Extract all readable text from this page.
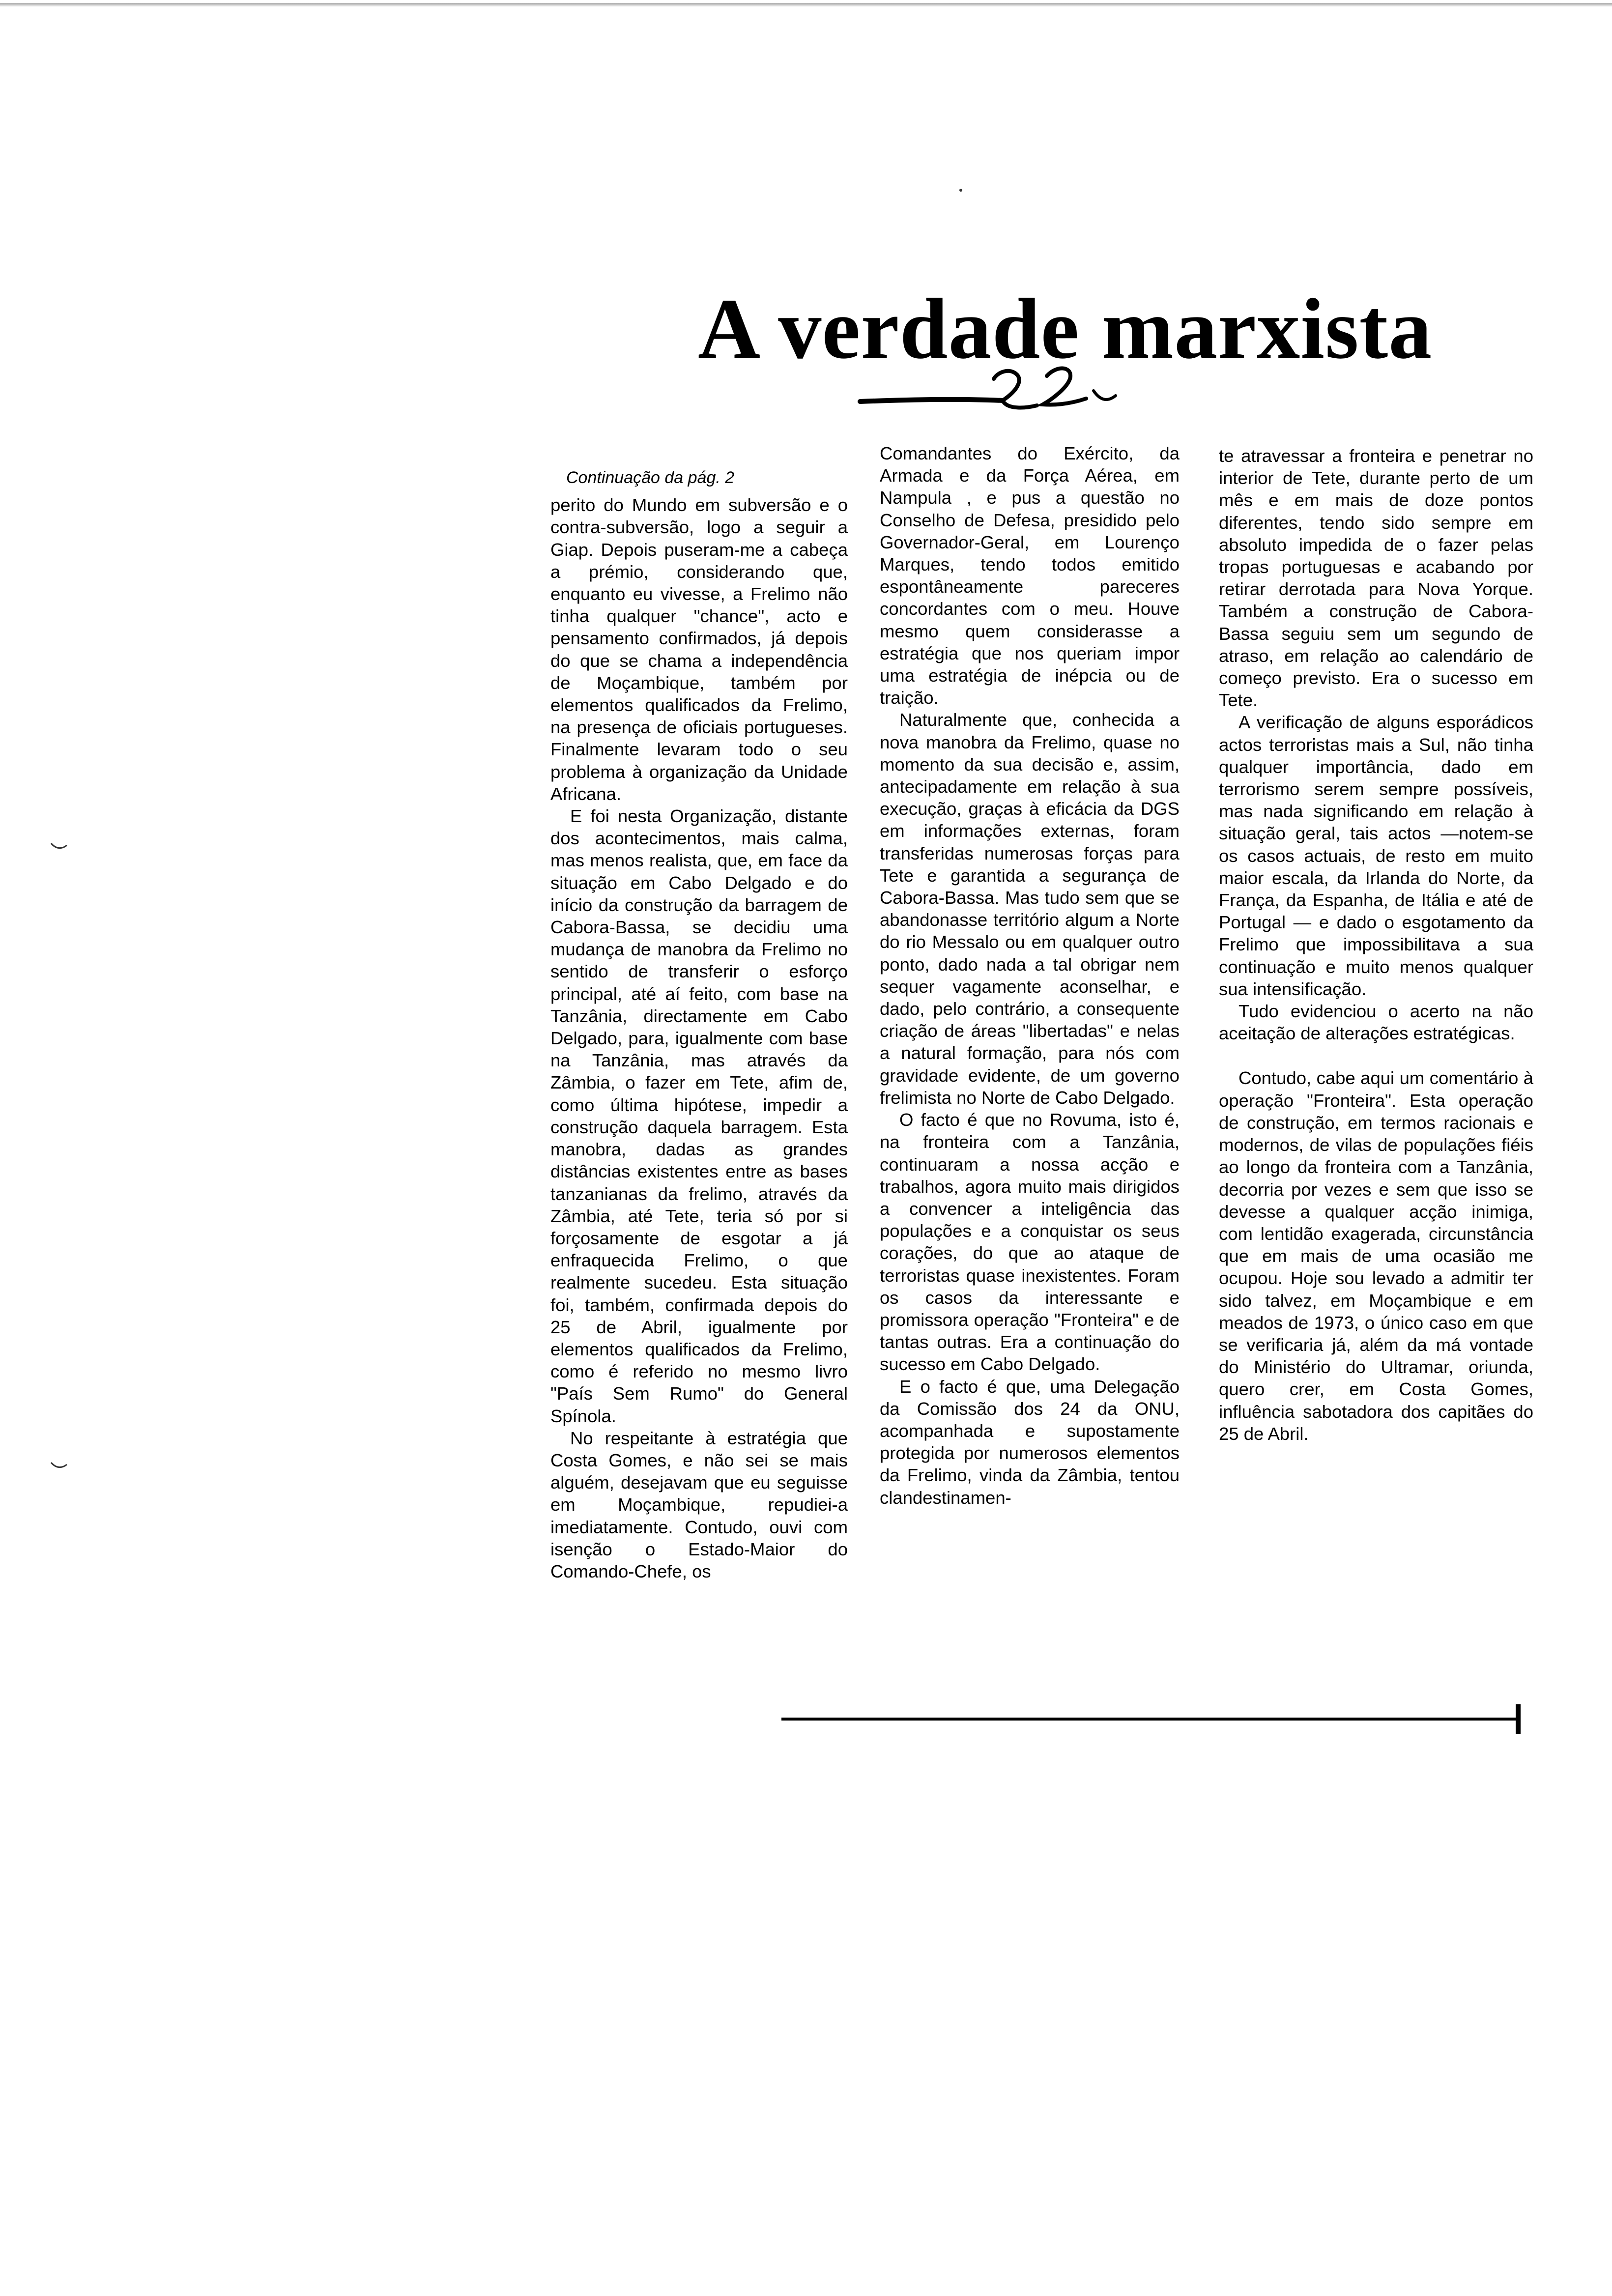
A verdade marxista

Continuação da pág. 2

perito do Mundo em subversão e o contra-subversão, logo a seguir a Giap. Depois puseram-me a cabeça a prémio, considerando que, enquanto eu vivesse, a Frelimo não tinha qualquer "chance", acto e pensamento confirmados, já depois do que se chama a independência de Moçambique, também por elementos qualificados da Frelimo, na presença de oficiais portugueses. Finalmente levaram todo o seu problema à organização da Unidade Africana.

E foi nesta Organização, distante dos acontecimentos, mais calma, mas menos realista, que, em face da situação em Cabo Delgado e do início da construção da barragem de Cabora-Bassa, se decidiu uma mudança de manobra da Frelimo no sentido de transferir o esforço principal, até aí feito, com base na Tanzânia, directamente em Cabo Delgado, para, igualmente com base na Tanzânia, mas através da Zâmbia, o fazer em Tete, afim de, como última hipótese, impedir a construção daquela barragem. Esta manobra, dadas as grandes distâncias existentes entre as bases tanzanianas da frelimo, através da Zâmbia, até Tete, teria só por si forçosamente de esgotar a já enfraquecida Frelimo, o que realmente sucedeu. Esta situação foi, também, confirmada depois do 25 de Abril, igualmente por elementos qualificados da Frelimo, como é referido no mesmo livro "País Sem Rumo" do General Spínola.

No respeitante à estratégia que Costa Gomes, e não sei se mais alguém, desejavam que eu seguisse em Moçambique, repudiei-a imediatamente. Contudo, ouvi com isenção o Estado-Maior do Comando-Chefe, os

Comandantes do Exército, da Armada e da Força Aérea, em Nampula , e pus a questão no Conselho de Defesa, presidido pelo Governador-Geral, em Lourenço Marques, tendo todos emitido espontâneamente pareceres concordantes com o meu. Houve mesmo quem considerasse a estratégia que nos queriam impor uma estratégia de inépcia ou de traição.

Naturalmente que, conhecida a nova manobra da Frelimo, quase no momento da sua decisão e, assim, antecipadamente em relação à sua execução, graças à eficácia da DGS em informações externas, foram transferidas numerosas forças para Tete e garantida a segurança de Cabora-Bassa. Mas tudo sem que se abandonasse território algum a Norte do rio Messalo ou em qualquer outro ponto, dado nada a tal obrigar nem sequer vagamente aconselhar, e dado, pelo contrário, a consequente criação de áreas "libertadas" e nelas a natural formação, para nós com gravidade evidente, de um governo frelimista no Norte de Cabo Delgado.

O facto é que no Rovuma, isto é, na fronteira com a Tanzânia, continuaram a nossa acção e trabalhos, agora muito mais dirigidos a convencer a inteligência das populações e a conquistar os seus corações, do que ao ataque de terroristas quase inexistentes. Foram os casos da interessante e promissora operação "Fronteira" e de tantas outras. Era a continuação do sucesso em Cabo Delgado.

E o facto é que, uma Delegação da Comissão dos 24 da ONU, acompanhada e supostamente protegida por numerosos elementos da Frelimo, vinda da Zâmbia, tentou clandestinamen-

te atravessar a fronteira e penetrar no interior de Tete, durante perto de um mês e em mais de doze pontos diferentes, tendo sido sempre em absoluto impedida de o fazer pelas tropas portuguesas e acabando por retirar derrotada para Nova Yorque. Também a construção de Cabora-Bassa seguiu sem um segundo de atraso, em relação ao calendário de começo previsto. Era o sucesso em Tete.

A verificação de alguns esporádicos actos terroristas mais a Sul, não tinha qualquer importância, dado em terrorismo serem sempre possíveis, mas nada significando em relação à situação geral, tais actos —notem-se os casos actuais, de resto em muito maior escala, da Irlanda do Norte, da França, da Espanha, de Itália e até de Portugal — e dado o esgotamento da Frelimo que impossibilitava a sua continuação e muito menos qualquer sua intensificação.

Tudo evidenciou o acerto na não aceitação de alterações estratégicas.

Contudo, cabe aqui um comentário à operação "Fronteira". Esta operação de construção, em termos racionais e modernos, de vilas de populações fiéis ao longo da fronteira com a Tanzânia, decorria por vezes e sem que isso se devesse a qualquer acção inimiga, com lentidão exagerada, circunstância que em mais de uma ocasião me ocupou. Hoje sou levado a admitir ter sido talvez, em Moçambique e em meados de 1973, o único caso em que se verificaria já, além da má vontade do Ministério do Ultramar, oriunda, quero crer, em Costa Gomes, influência sabotadora dos capitães do 25 de Abril.
